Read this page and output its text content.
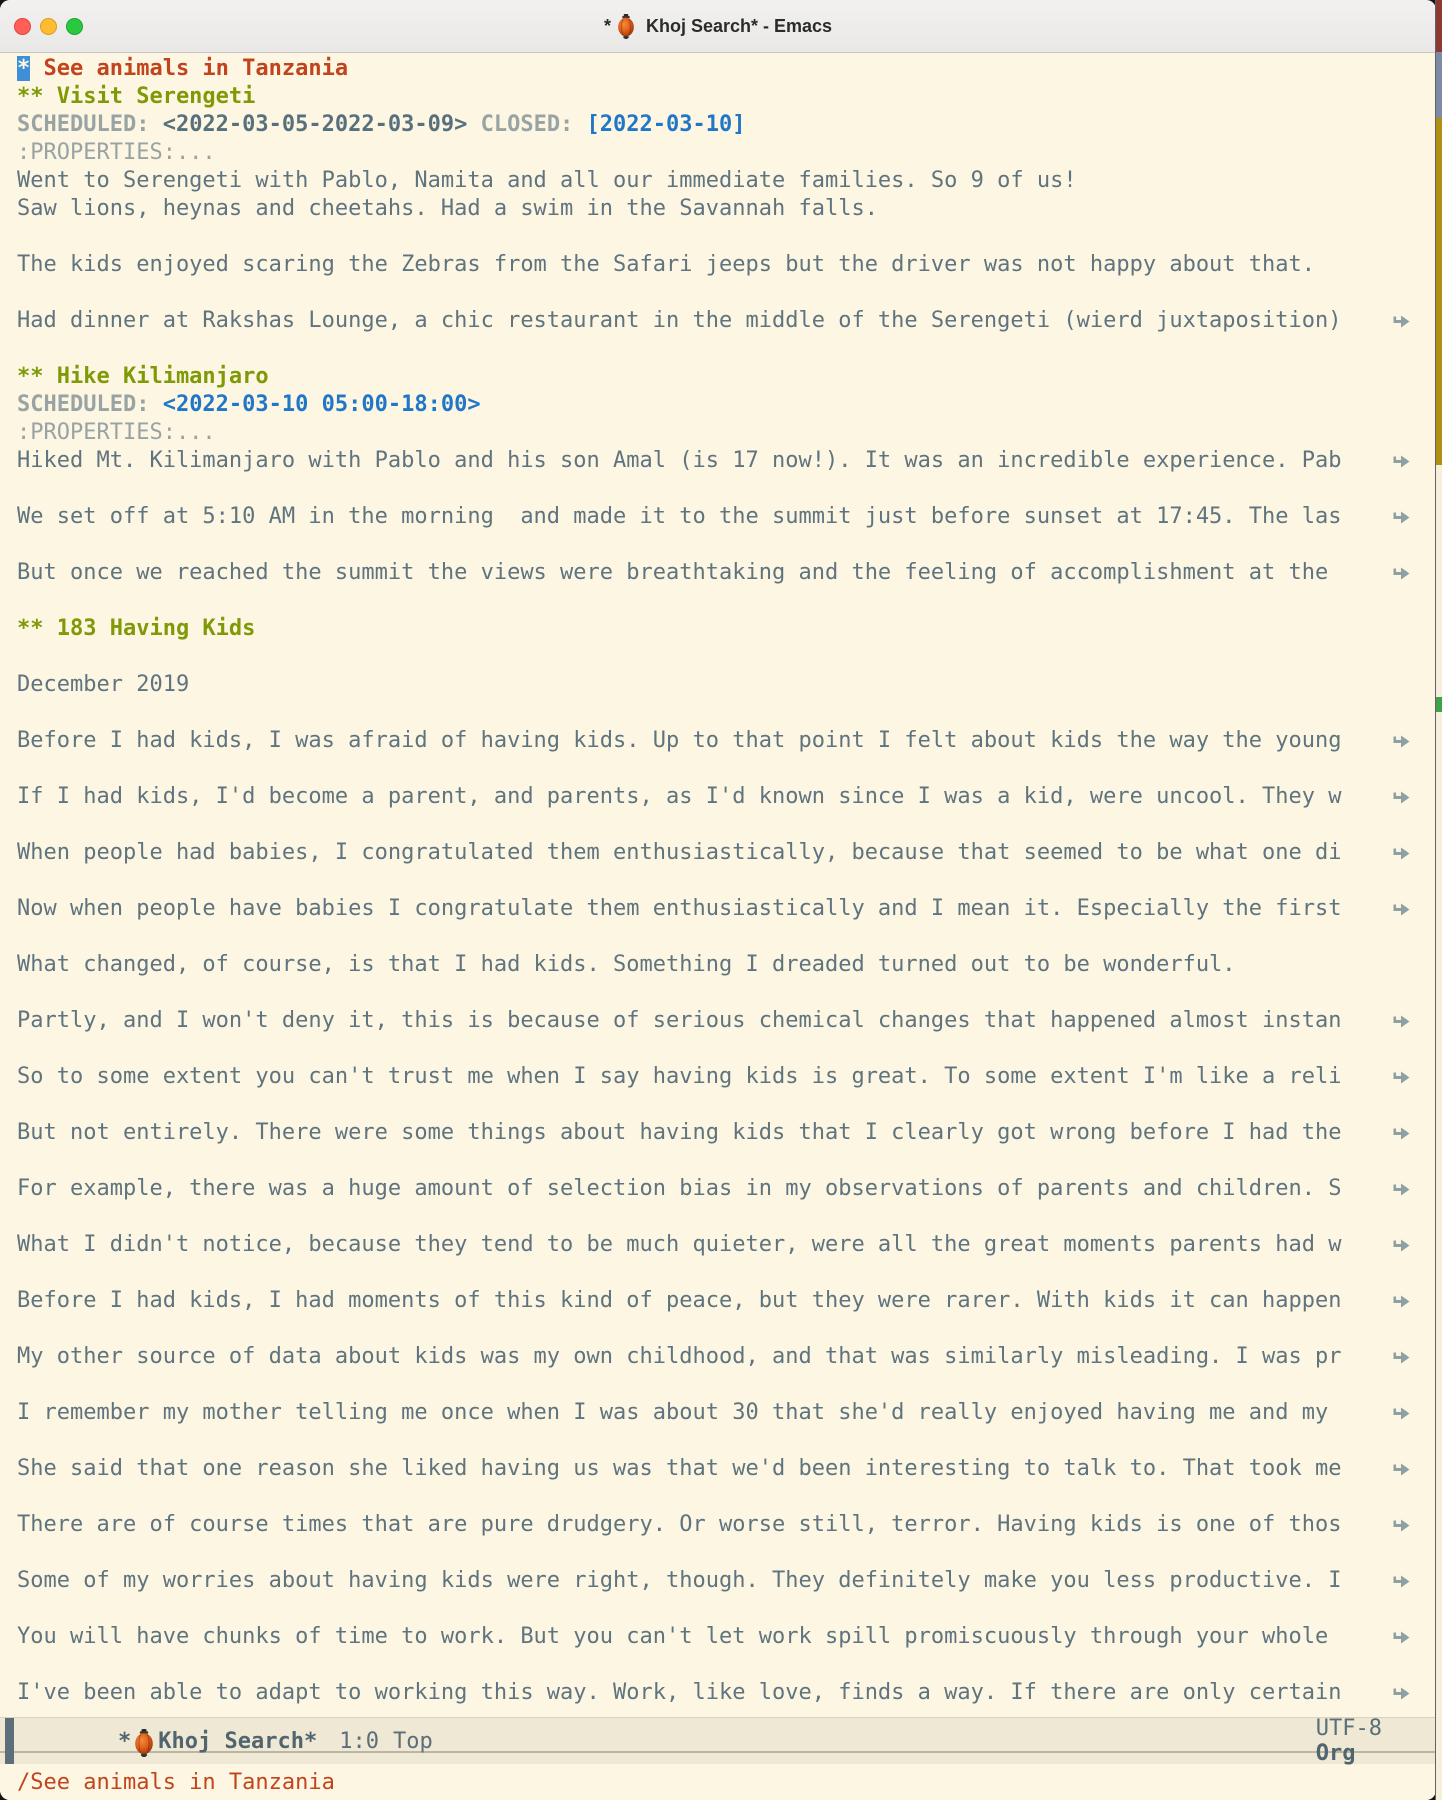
* Khoj Search* - Emacs
* See animals in Tanzania
** Visit Serengeti
SCHEDULED: <2022-03-05-2022-03-09> CLOSED: [2022-03-10]
:PROPERTIES:...
Went to Serengeti with Pablo, Namita and all our immediate families. So 9 of us!
Saw lions, heynas and cheetahs. Had a swim in the Savannah falls.
The kids enjoyed scaring the Zebras from the Safari jeeps but the driver was not happy about that.
Had dinner at Rakshas Lounge, a chic restaurant in the middle of the Serengeti (wierd juxtaposition)
** Hike Kilimanjaro
SCHEDULED: <2022-03-10 05:00-18:00>
:PROPERTIES:...
Hiked Mt. Kilimanjaro with Pablo and his son Amal (is 17 now!). It was an incredible experience. Pab
We set off at 5:10 AM in the morning  and made it to the summit just before sunset at 17:45. The las
But once we reached the summit the views were breathtaking and the feeling of accomplishment at the
** 183 Having Kids
December 2019
Before I had kids, I was afraid of having kids. Up to that point I felt about kids the way the young
If I had kids, I'd become a parent, and parents, as I'd known since I was a kid, were uncool. They w
When people had babies, I congratulated them enthusiastically, because that seemed to be what one di
Now when people have babies I congratulate them enthusiastically and I mean it. Especially the first
What changed, of course, is that I had kids. Something I dreaded turned out to be wonderful.
Partly, and I won't deny it, this is because of serious chemical changes that happened almost instan
So to some extent you can't trust me when I say having kids is great. To some extent I'm like a reli
But not entirely. There were some things about having kids that I clearly got wrong before I had the
For example, there was a huge amount of selection bias in my observations of parents and children. S
What I didn't notice, because they tend to be much quieter, were all the great moments parents had w
Before I had kids, I had moments of this kind of peace, but they were rarer. With kids it can happen
My other source of data about kids was my own childhood, and that was similarly misleading. I was pr
I remember my mother telling me once when I was about 30 that she'd really enjoyed having me and my
She said that one reason she liked having us was that we'd been interesting to talk to. That took me
There are of course times that are pure drudgery. Or worse still, terror. Having kids is one of thos
Some of my worries about having kids were right, though. They definitely make you less productive. I
You will have chunks of time to work. But you can't let work spill promiscuously through your whole
I've been able to adapt to working this way. Work, like love, finds a way. If there are only certain
* Khoj Search* 1:0 Top	UTF-8
Org

/See animals in Tanzania
